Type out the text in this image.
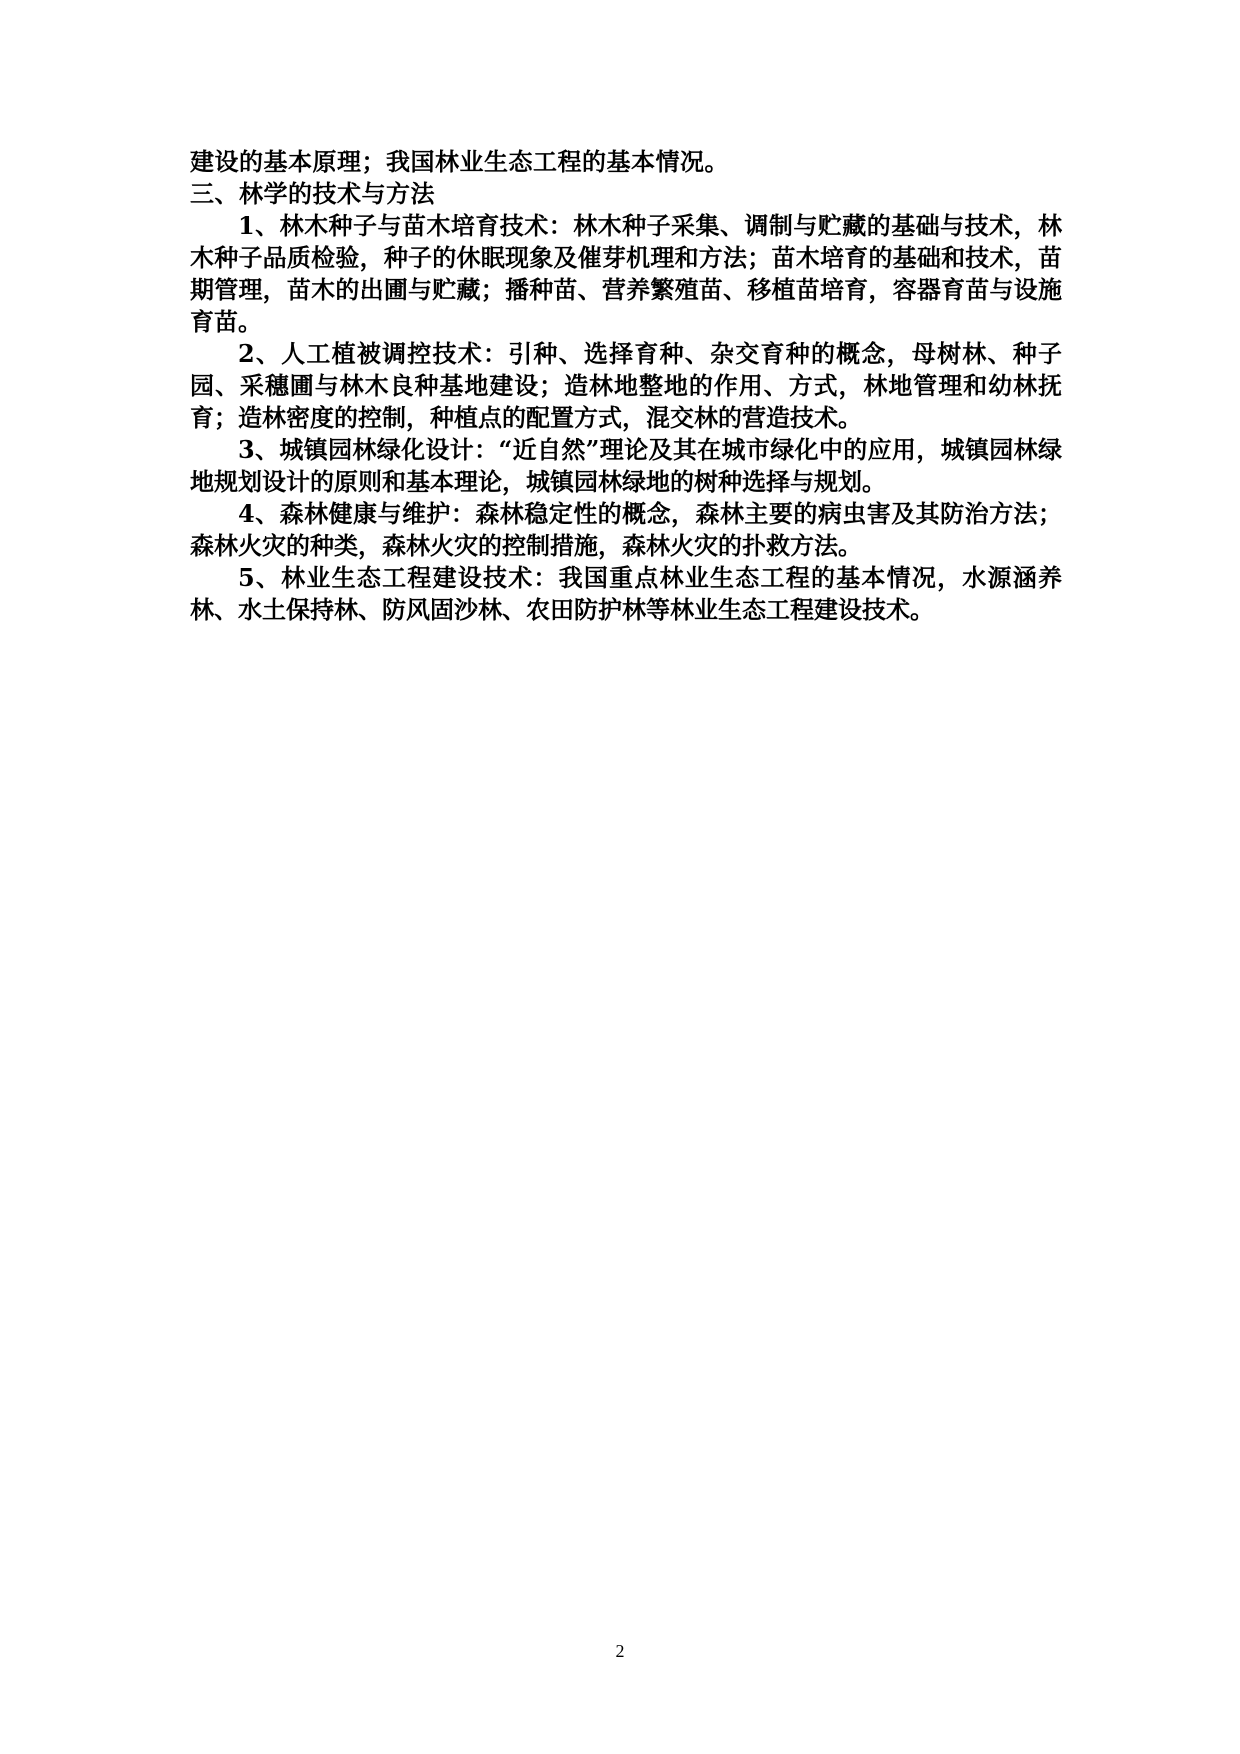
建设的基本原理；我国林业生态工程的基本情况。
三、林学的技术与方法

1、林木种子与苗木培育技术：林木种子采集、调制与贮藏的基础与技术，林木种子品质检验，种子的休眠现象及催芽机理和方法；苗木培育的基础和技术，苗期管理，苗木的出圃与贮藏；播种苗、营养繁殖苗、移植苗培育，容器育苗与设施育苗。

2、人工植被调控技术：引种、选择育种、杂交育种的概念，母树林、种子园、采穗圃与林木良种基地建设；造林地整地的作用、方式，林地管理和幼林抚育；造林密度的控制，种植点的配置方式，混交林的营造技术。

3、城镇园林绿化设计：“近自然”理论及其在城市绿化中的应用，城镇园林绿地规划设计的原则和基本理论，城镇园林绿地的树种选择与规划。

4、森林健康与维护：森林稳定性的概念，森林主要的病虫害及其防治方法；森林火灾的种类，森林火灾的控制措施，森林火灾的扑救方法。

5、林业生态工程建设技术：我国重点林业生态工程的基本情况，水源涵养林、水土保持林、防风固沙林、农田防护林等林业生态工程建设技术。

2
